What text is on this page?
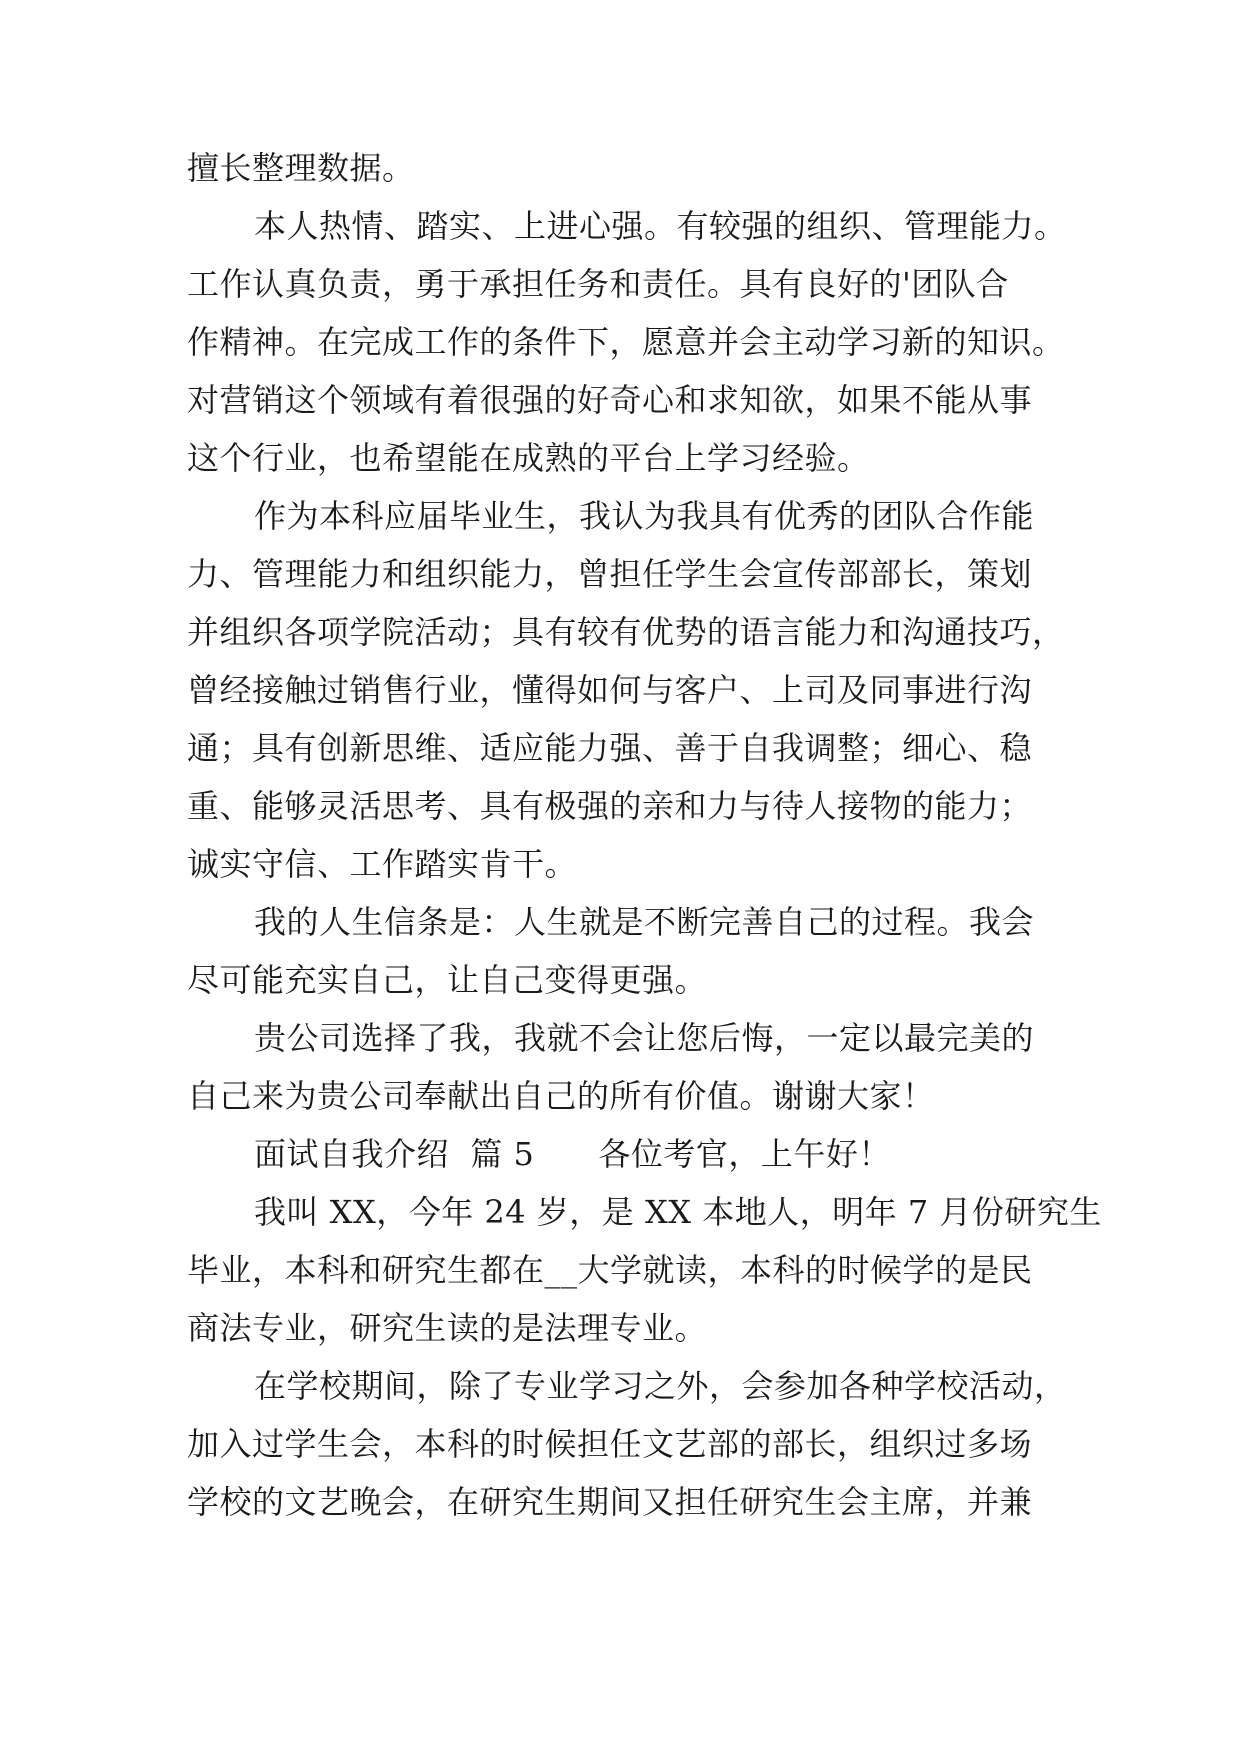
擅长整理数据。
本人热情、踏实、上进心强。有较强的组织、管理能力。
工作认真负责，勇于承担任务和责任。具有良好的'团队合
作精神。在完成工作的条件下，愿意并会主动学习新的知识。
对营销这个领域有着很强的好奇心和求知欲，如果不能从事
这个行业，也希望能在成熟的平台上学习经验。
作为本科应届毕业生，我认为我具有优秀的团队合作能
力、管理能力和组织能力，曾担任学生会宣传部部长，策划
并组织各项学院活动；具有较有优势的语言能力和沟通技巧，
曾经接触过销售行业，懂得如何与客户、上司及同事进行沟
通；具有创新思维、适应能力强、善于自我调整；细心、稳
重、能够灵活思考、具有极强的亲和力与待人接物的能力；
诚实守信、工作踏实肯干。
我的人生信条是：人生就是不断完善自己的过程。我会
尽可能充实自己，让自己变得更强。
贵公司选择了我，我就不会让您后悔，一定以最完美的
自己来为贵公司奉献出自己的所有价值。谢谢大家！
面试自我介绍  篇 5      各位考官，上午好！
我叫 XX，今年 24 岁，是 XX 本地人，明年 7 月份研究生
毕业，本科和研究生都在__大学就读，本科的时候学的是民
商法专业，研究生读的是法理专业。
在学校期间，除了专业学习之外，会参加各种学校活动，
加入过学生会，本科的时候担任文艺部的部长，组织过多场
学校的文艺晚会，在研究生期间又担任研究生会主席，并兼
